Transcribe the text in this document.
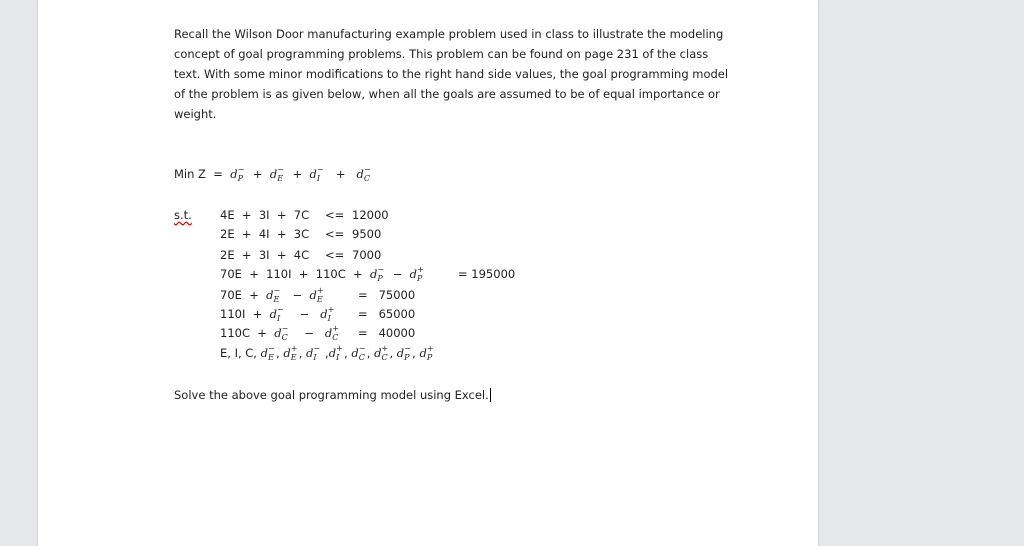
Recall the Wilson Door manufacturing example problem used in class to illustrate the modeling
concept of goal programming problems. This problem can be found on page 231 of the class
text. With some minor modifications to the right hand side values, the goal programming model
of the problem is as given below, when all the goals are assumed to be of equal importance or
weight.
Min Z = d −
P + d −
E + d −
I + d −
C
s.t. 4E  +  3I  +  7C <= 12000
2E  +  4I  +  3C <= 9500
2E  +  3I  +  4C <= 7000
70E  +  110I  +  110C  +  d −
P − d +
P	= 195000
70E  +  d −
E − d +
E	= 75000
110I  +  d −
I − d +
I = 65000
110C  +  d −
C − d +
C = 40000
E, I, C, d −
E , d +
E , d −
I ,d +
I , d −
C , d +
C , d −
P , d +
P
Solve the above goal programming model using Excel.
